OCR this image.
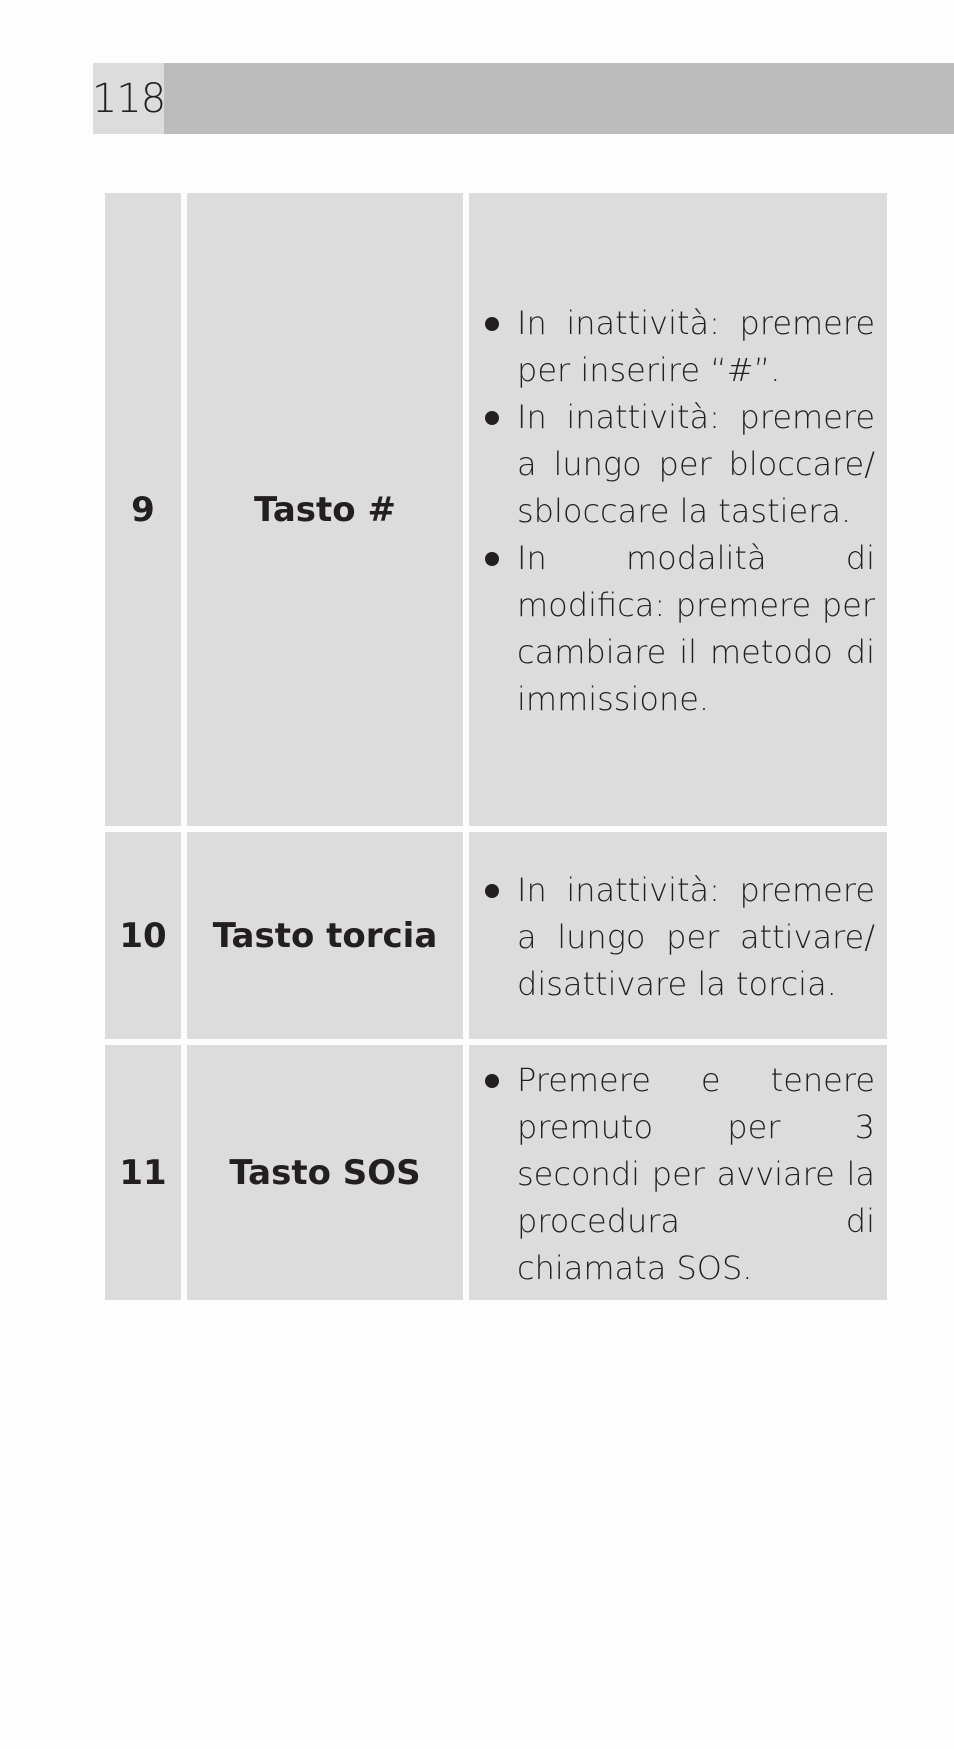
118
9	Tasto #	In inattività: premere per inserire “#”.
In inattività: premere a lungo per bloccare/ sbloccare la tastiera.
In modalità di modifica: premere per cambiare il metodo di immissione.

10	Tasto torcia	In inattività: premere a lungo per attivare/ disattivare la torcia.

11	Tasto SOS	Premere e tenere premuto per 3 secondi per avviare la procedura di chiamata SOS.
